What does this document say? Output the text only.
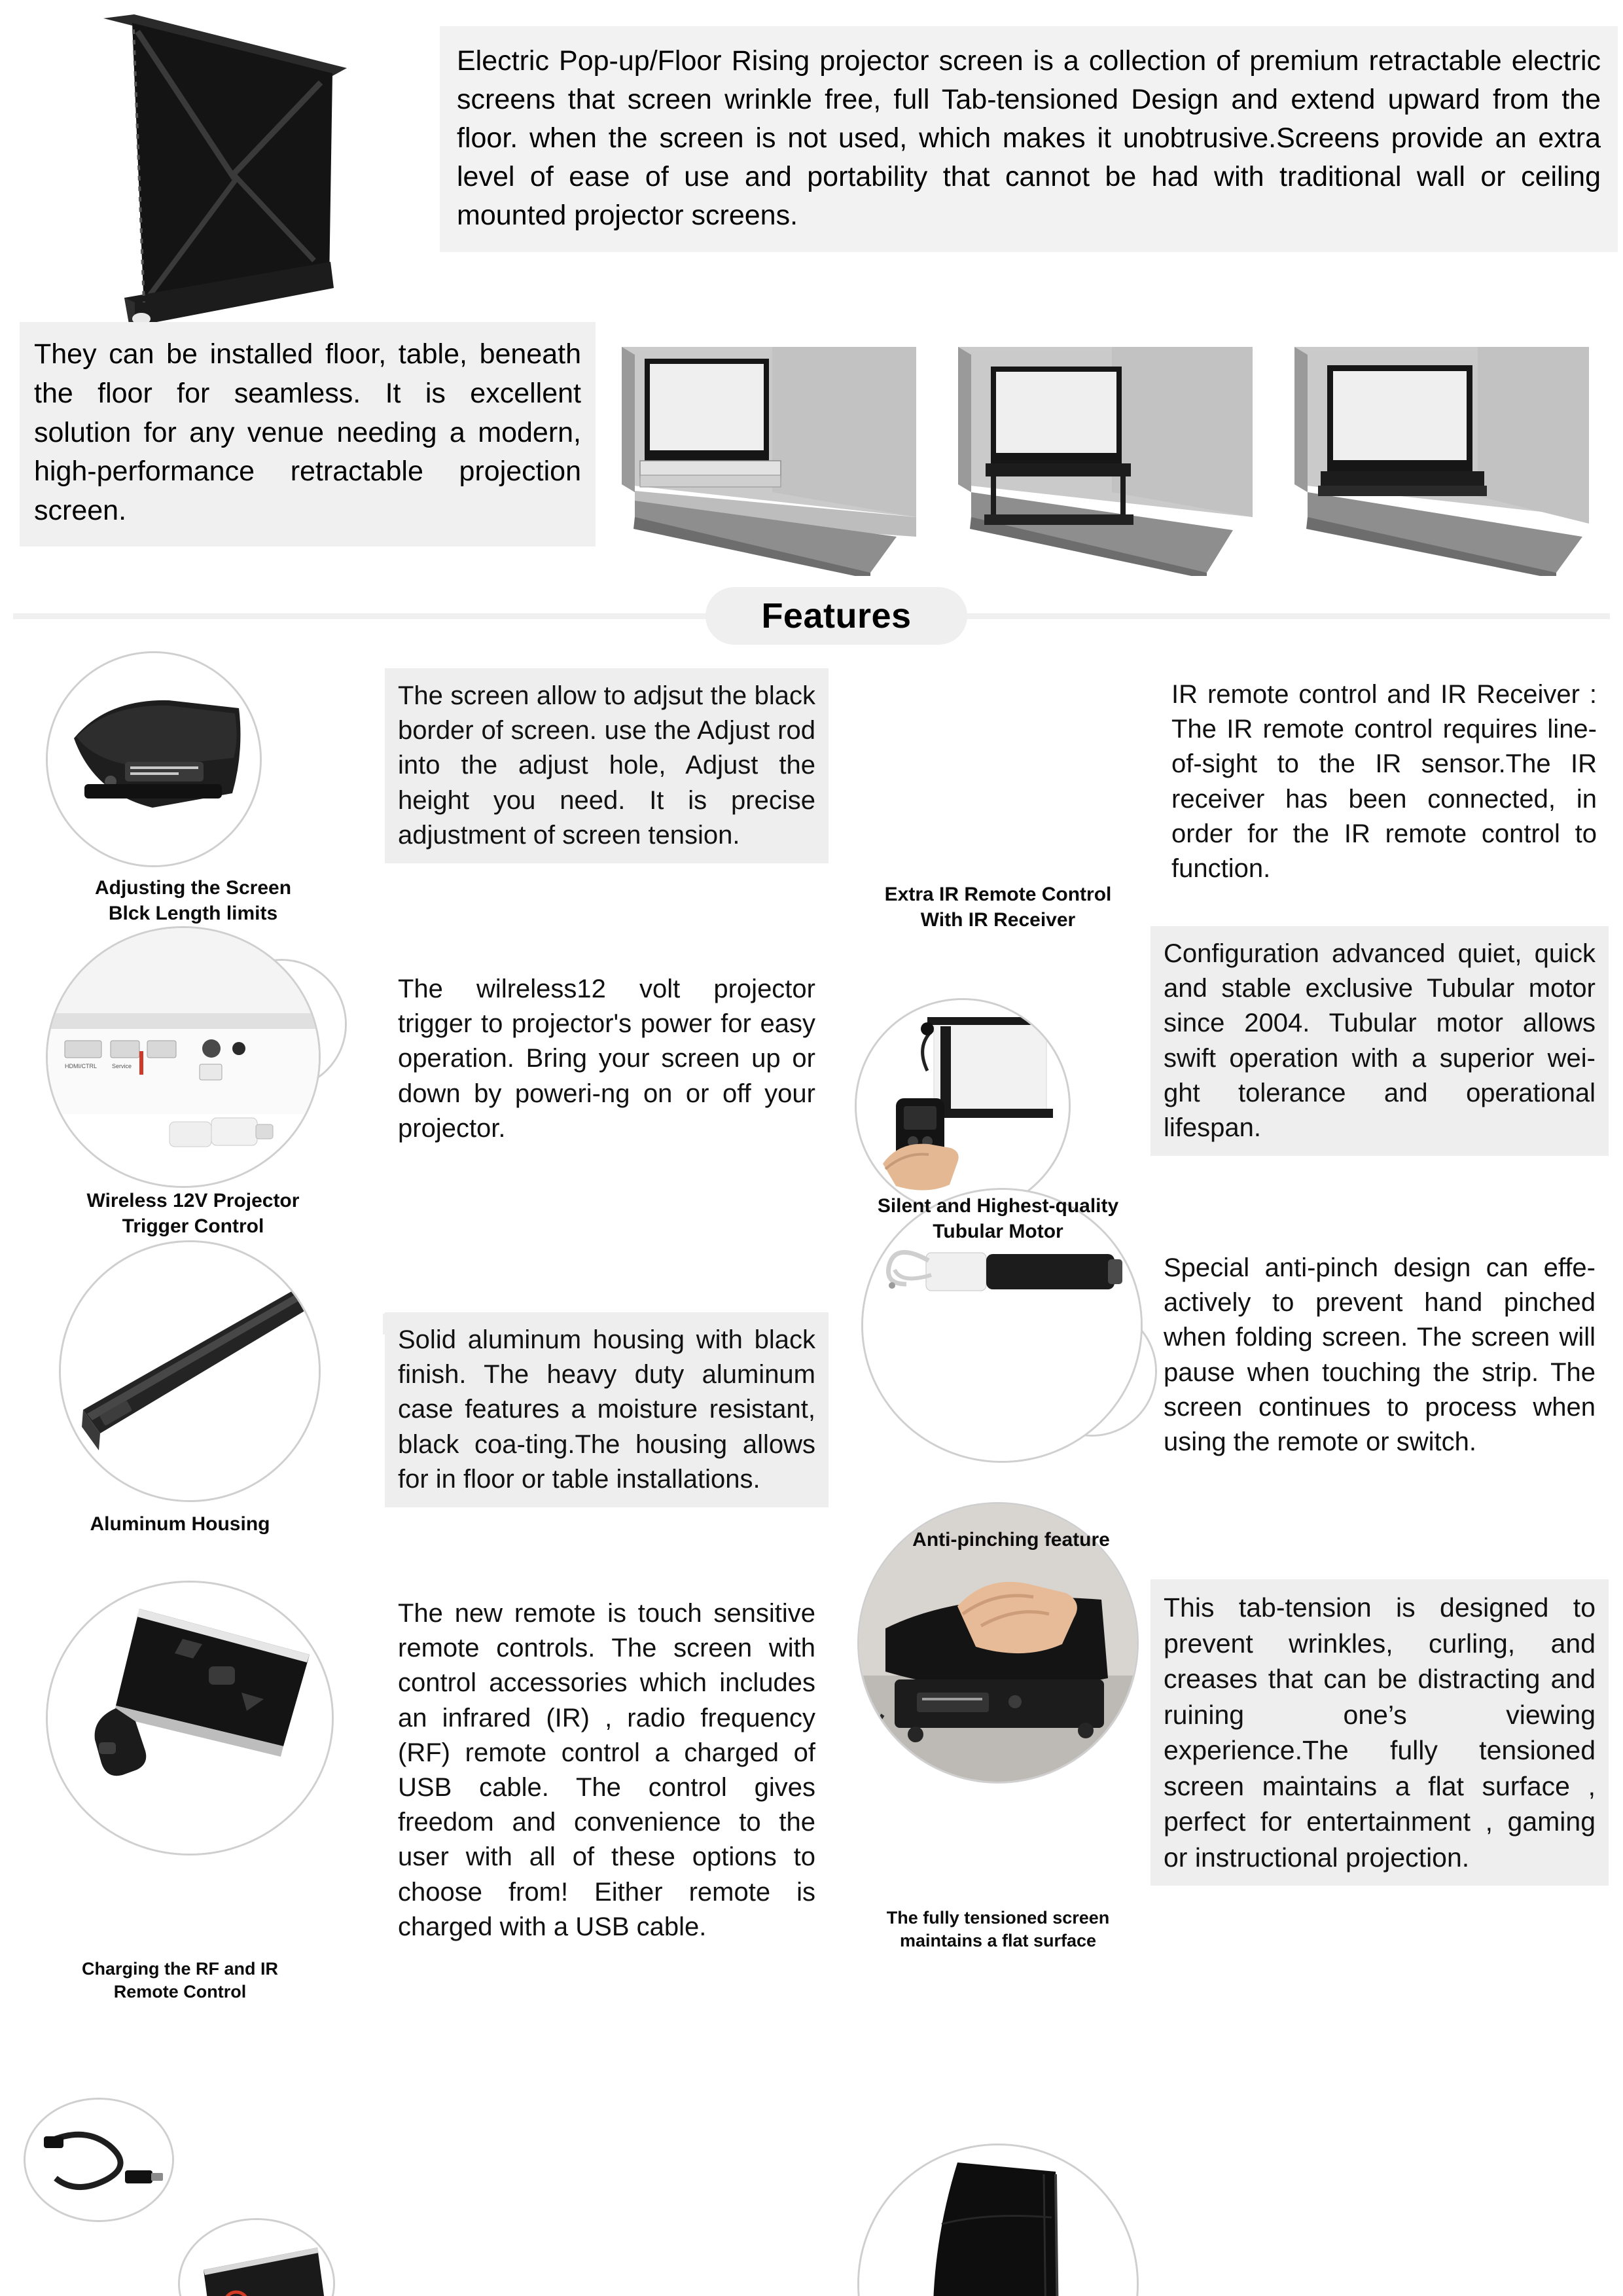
Electric Pop-up/Floor Rising projector screen is a collection of premium retractable electric screens that screen wrinkle free, full Tab-tensioned Design and extend upward from the floor. when the screen is not used, which makes it unobtrusive.Screens provide an extra level of ease of use and portability that cannot be had with traditional wall or ceiling mounted projector screens.
They can be installed floor, table, beneath the floor for seamless. It is excellent solution for any venue needing a modern, high-performance retractable projection screen.
Features
The screen allow to adjsut the black border of screen. use the Adjust rod into the adjust hole, Adjust the height you need. It is precise adjustment of screen tension.
Adjusting the Screen
Blck Length limits
IR remote control and IR Receiver : The IR remote control requires line-of-sight to the IR sensor.The IR receiver has been connected, in order for the IR remote control to function.
Extra IR Remote Control
With IR Receiver
HDMI/CTRL	Service
The wilreless12 volt projector trigger to projector's power for easy operation. Bring your screen up or down by poweri-ng on or off your projector.
Wireless 12V Projector
Trigger Control
Configuration advanced quiet, quick and stable exclusive Tubular motor since 2004. Tubular motor allows swift operation with a superior wei-ght tolerance and operational lifespan.
Silent and Highest-quality
Tubular Motor
Solid aluminum housing with black finish. The heavy duty aluminum case features a moisture resistant, black coa-ting.The housing allows for in floor or table installations.
Aluminum Housing
Special anti-pinch design can effe-actively to prevent hand pinched when folding screen. The screen will pause when touching the strip. The screen continues to process when using the remote or switch.
Anti-pinching feature
The new remote is touch sensitive remote controls. The screen with control accessories which includes an infrared (IR) , radio frequency (RF) remote control a charged of USB cable. The control gives freedom and convenience to the user with all of these options to choose from! Either remote is charged with a USB cable.
Charging the RF and IR
Remote Control
This tab-tension is designed to prevent wrinkles, curling, and creases that can be distracting and ruining one’s viewing experience.The fully tensioned screen maintains a flat surface , perfect for entertainment , gaming or instructional projection.
The fully tensioned screen
maintains a flat surface
